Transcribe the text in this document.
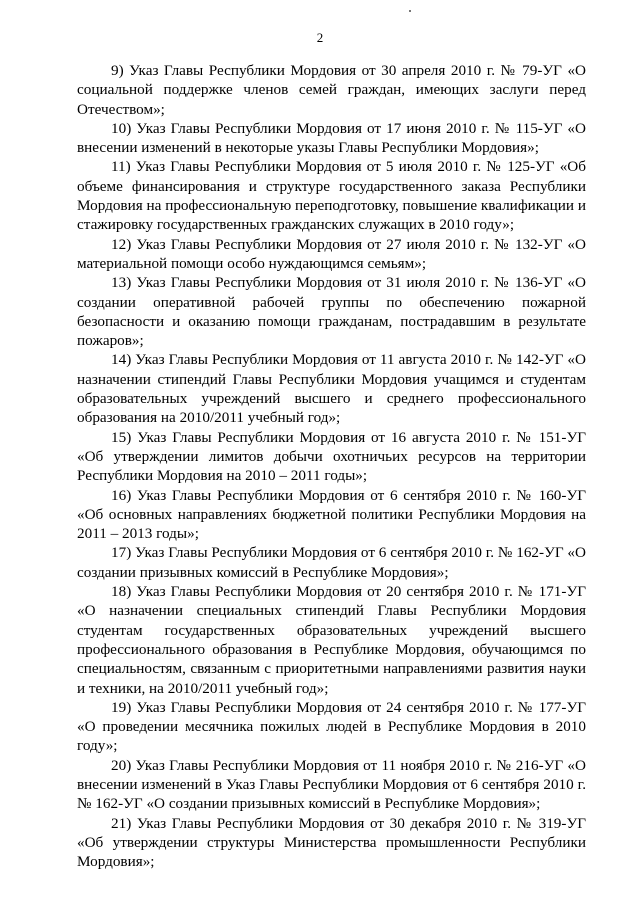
2

9) Указ Главы Республики Мордовия от 30 апреля 2010 г. № 79-УГ «О социальной поддержке членов семей граждан, имеющих заслуги перед Отечеством»;

10) Указ Главы Республики Мордовия от 17 июня 2010 г. № 115-УГ «О внесении изменений в некоторые указы Главы Республики Мордовия»;

11) Указ Главы Республики Мордовия от 5 июля 2010 г. № 125-УГ «Об объеме финансирования и структуре государственного заказа Республики Мордовия на профессиональную переподготовку, повышение квалификации и стажировку государственных гражданских служащих в 2010 году»;

12) Указ Главы Республики Мордовия от 27 июля 2010 г. № 132-УГ «О материальной помощи особо нуждающимся семьям»;

13) Указ Главы Республики Мордовия от 31 июля 2010 г. № 136-УГ «О создании оперативной рабочей группы по обеспечению пожарной безопасности и оказанию помощи гражданам, пострадавшим в результате пожаров»;

14) Указ Главы Республики Мордовия от 11 августа 2010 г. № 142-УГ «О назначении стипендий Главы Республики Мордовия учащимся и студентам образовательных учреждений высшего и среднего профессионального образования на 2010/2011 учебный год»;

15) Указ Главы Республики Мордовия от 16 августа 2010 г. № 151-УГ «Об утверждении лимитов добычи охотничьих ресурсов на территории Республики Мордовия на 2010 – 2011 годы»;

16) Указ Главы Республики Мордовия от 6 сентября 2010 г. № 160-УГ «Об основных направлениях бюджетной политики Республики Мордовия на 2011 – 2013 годы»;

17) Указ Главы Республики Мордовия от 6 сентября 2010 г. № 162-УГ «О создании призывных комиссий в Республике Мордовия»;

18) Указ Главы Республики Мордовия от 20 сентября 2010 г. № 171-УГ «О назначении специальных стипендий Главы Республики Мордовия студентам государственных образовательных учреждений высшего профессионального образования в Республике Мордовия, обучающимся по специальностям, связанным с приоритетными направлениями развития науки и техники, на 2010/2011 учебный год»;

19) Указ Главы Республики Мордовия от 24 сентября 2010 г. № 177-УГ «О проведении месячника пожилых людей в Республике Мордовия в 2010 году»;

20) Указ Главы Республики Мордовия от 11 ноября 2010 г. № 216-УГ «О внесении изменений в Указ Главы Республики Мордовия от 6 сентября 2010 г. № 162-УГ «О создании призывных комиссий в Республике Мордовия»;

21) Указ Главы Республики Мордовия от 30 декабря 2010 г. № 319-УГ «Об утверждении структуры Министерства промышленности Республики Мордовия»;
